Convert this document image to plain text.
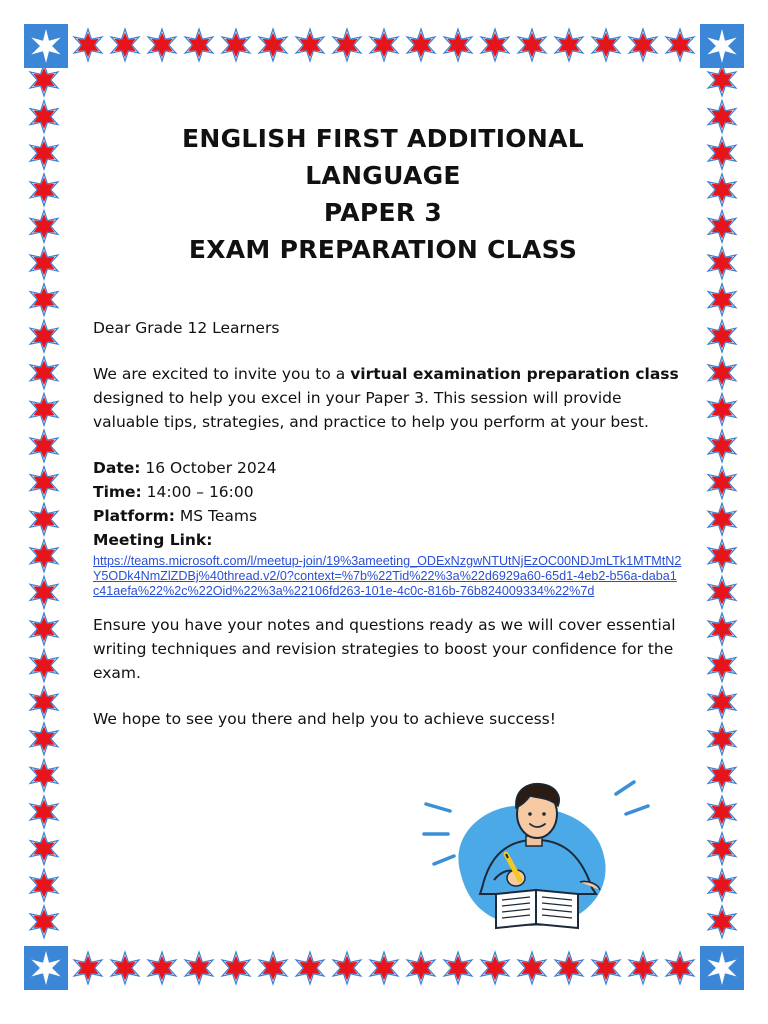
ENGLISH FIRST ADDITIONAL

LANGUAGE

PAPER 3

EXAM PREPARATION CLASS

Dear Grade 12 Learners

We are excited to invite you to a virtual examination preparation class designed to help you excel in your Paper 3. This session will provide valuable tips, strategies, and practice to help you perform at your best.

Date: 16 October 2024

Time: 14:00 – 16:00

Platform: MS Teams

Meeting Link:

https://teams.microsoft.com/l/meetup-join/19%3ameeting_ODExNzgwNTUtNjEzOC00NDJmLTk1MTMtN2Y5ODk4NmZlZDBj%40thread.v2/0?context=%7b%22Tid%22%3a%22d6929a60-65d1-4eb2-b56a-daba1c41aefa%22%2c%22Oid%22%3a%22106fd263-101e-4c0c-816b-76b824009334%22%7d

Ensure you have your notes and questions ready as we will cover essential writing techniques and revision strategies to boost your confidence for the exam.

We hope to see you there and help you to achieve success!
